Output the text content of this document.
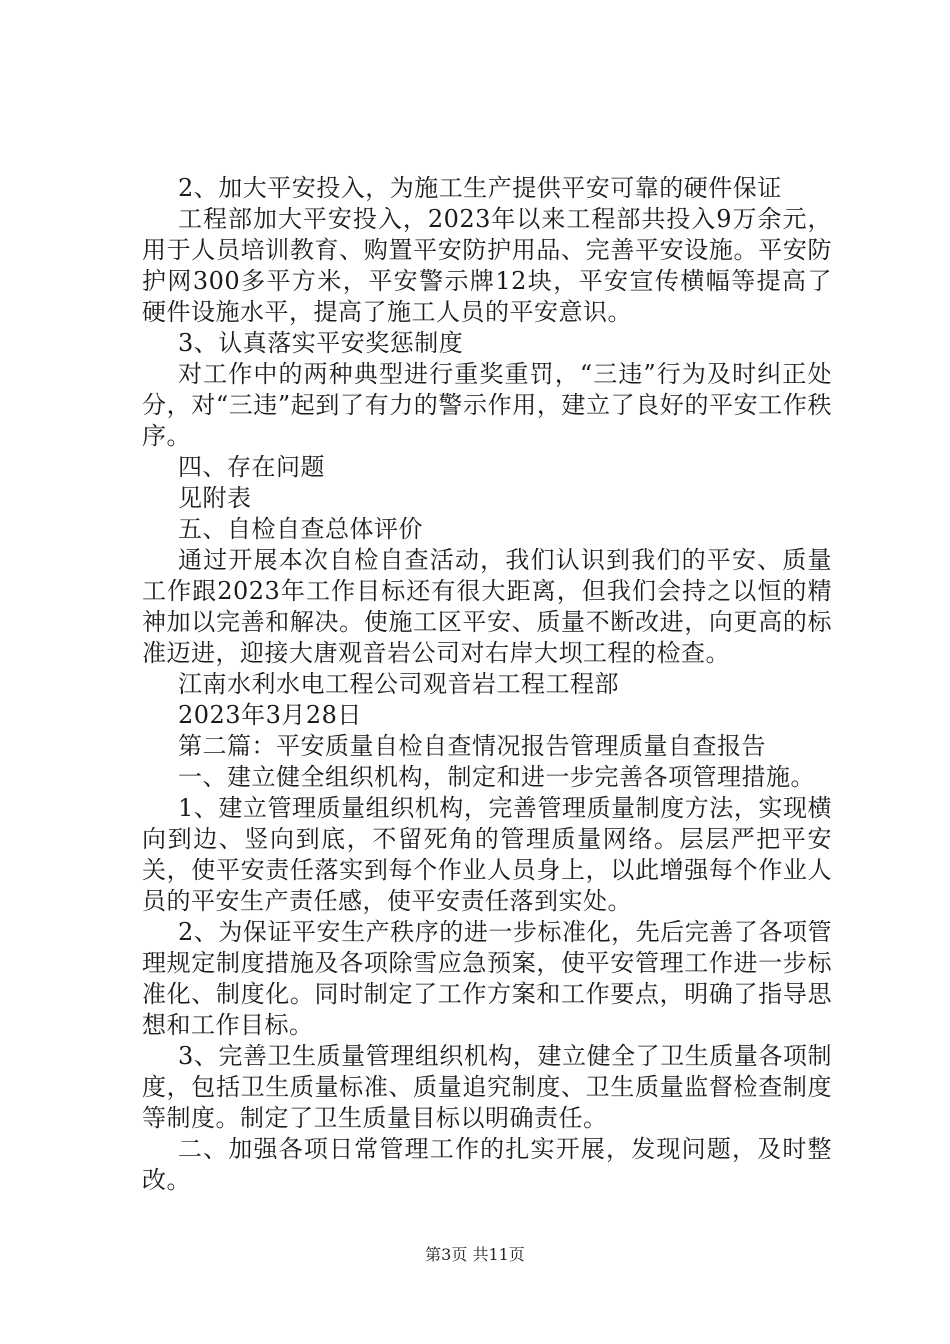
2、加大平安投入，为施工生产提供平安可靠的硬件保证

工程部加大平安投入，2023年以来工程部共投入9万余元，用于人员培训教育、购置平安防护用品、完善平安设施。平安防护网300多平方米，平安警示牌12块，平安宣传横幅等提高了硬件设施水平，提高了施工人员的平安意识。

3、认真落实平安奖惩制度

对工作中的两种典型进行重奖重罚，“三违”行为及时纠正处分，对“三违”起到了有力的警示作用，建立了良好的平安工作秩序。

四、存在问题

见附表

五、自检自查总体评价

通过开展本次自检自查活动，我们认识到我们的平安、质量工作跟2023年工作目标还有很大距离，但我们会持之以恒的精神加以完善和解决。使施工区平安、质量不断改进，向更高的标准迈进，迎接大唐观音岩公司对右岸大坝工程的检查。

江南水利水电工程公司观音岩工程工程部

2023年3月28日

第二篇：平安质量自检自查情况报告管理质量自查报告

一、建立健全组织机构，制定和进一步完善各项管理措施。

1、建立管理质量组织机构，完善管理质量制度方法，实现横向到边、竖向到底，不留死角的管理质量网络。层层严把平安关，使平安责任落实到每个作业人员身上，以此增强每个作业人员的平安生产责任感，使平安责任落到实处。

2、为保证平安生产秩序的进一步标准化，先后完善了各项管理规定制度措施及各项除雪应急预案，使平安管理工作进一步标准化、制度化。同时制定了工作方案和工作要点，明确了指导思想和工作目标。

3、完善卫生质量管理组织机构，建立健全了卫生质量各项制度，包括卫生质量标准、质量追究制度、卫生质量监督检查制度等制度。制定了卫生质量目标以明确责任。

二、加强各项日常管理工作的扎实开展，发现问题，及时整改。

第3页 共11页
